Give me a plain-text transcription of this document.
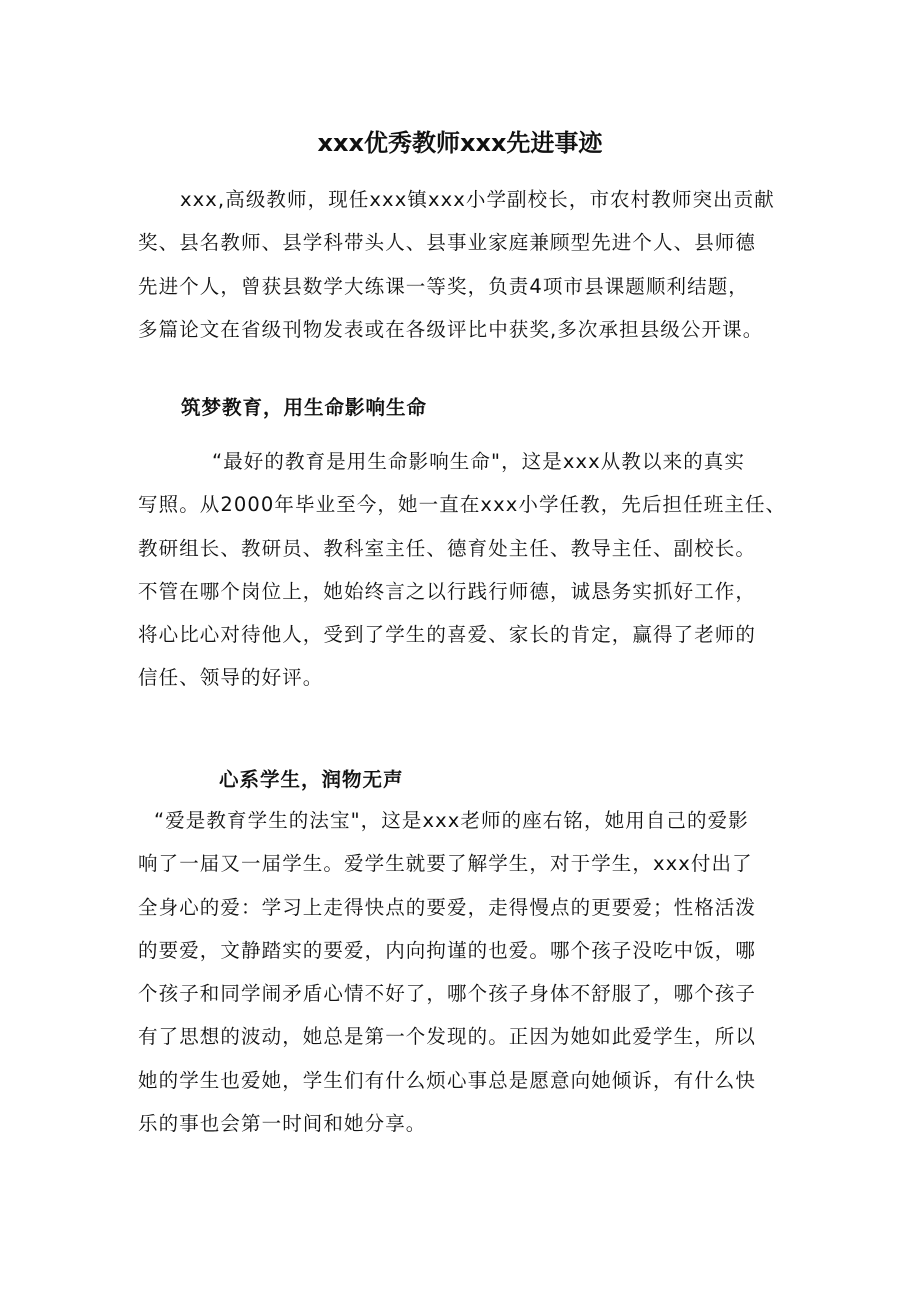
xxx优秀教师xxx先进事迹
xxx,高级教师，现任xxx镇xxx小学副校长，市农村教师突出贡献
奖、县名教师、县学科带头人、县事业家庭兼顾型先进个人、县师德
先进个人，曾获县数学大练课一等奖，负责4项市县课题顺利结题，
多篇论文在省级刊物发表或在各级评比中获奖,多次承担县级公开课。
筑梦教育，用生命影响生命
“最好的教育是用生命影响生命"，这是xxx从教以来的真实
写照。从2000年毕业至今，她一直在xxx小学任教，先后担任班主任、
教研组长、教研员、教科室主任、德育处主任、教导主任、副校长。
不管在哪个岗位上，她始终言之以行践行师德，诚恳务实抓好工作，
将心比心对待他人，受到了学生的喜爱、家长的肯定，赢得了老师的
信任、领导的好评。
心系学生，润物无声
“爱是教育学生的法宝"，这是xxx老师的座右铭，她用自己的爱影
响了一届又一届学生。爱学生就要了解学生，对于学生，xxx付出了
全身心的爱：学习上走得快点的要爱，走得慢点的更要爱；性格活泼
的要爱，文静踏实的要爱，内向拘谨的也爱。哪个孩子没吃中饭，哪
个孩子和同学闹矛盾心情不好了，哪个孩子身体不舒服了，哪个孩子
有了思想的波动，她总是第一个发现的。正因为她如此爱学生，所以
她的学生也爱她，学生们有什么烦心事总是愿意向她倾诉，有什么快
乐的事也会第一时间和她分享。
